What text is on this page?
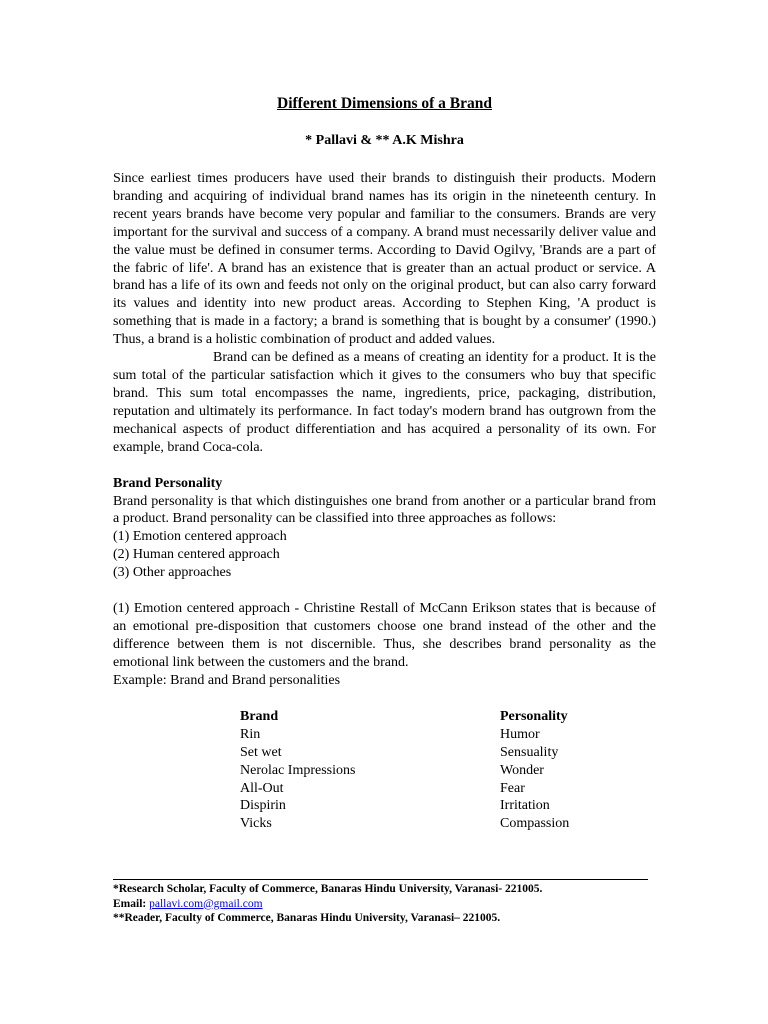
Different Dimensions of a Brand
* Pallavi & ** A.K Mishra

Since earliest times producers have used their brands to distinguish their products. Modern branding and acquiring of individual brand names has its origin in the nineteenth century. In recent years brands have become very popular and familiar to the consumers. Brands are very important for the survival and success of a company. A brand must necessarily deliver value and the value must be defined in consumer terms. According to David Ogilvy, 'Brands are a part of the fabric of life'. A brand has an existence that is greater than an actual product or service. A brand has a life of its own and feeds not only on the original product, but can also carry forward its values and identity into new product areas. According to Stephen King, 'A product is something that is made in a factory; a brand is something that is bought by a consumer' (1990.) Thus, a brand is a holistic combination of product and added values.

Brand can be defined as a means of creating an identity for a product. It is the sum total of the particular satisfaction which it gives to the consumers who buy that specific brand. This sum total encompasses the name, ingredients, price, packaging, distribution, reputation and ultimately its performance. In fact today's modern brand has outgrown from the mechanical aspects of product differentiation and has acquired a personality of its own. For example, brand Coca-cola.

Brand Personality

Brand personality is that which distinguishes one brand from another or a particular brand from a product. Brand personality can be classified into three approaches as follows:

(1) Emotion centered approach
(2) Human centered approach
(3) Other approaches

(1) Emotion centered approach - Christine Restall of McCann Erikson states that is because of an emotional pre-disposition that customers choose one brand instead of the other and the difference between them is not discernible. Thus, she describes brand personality as the emotional link between the customers and the brand.

Example: Brand and Brand personalities
Brand	Personality
Rin	Humor
Set wet	Sensuality
Nerolac Impressions	Wonder
All-Out	Fear
Dispirin	Irritation
Vicks	Compassion
*Research Scholar, Faculty of Commerce, Banaras Hindu University, Varanasi- 221005.
Email: pallavi.com@gmail.com
**Reader, Faculty of Commerce, Banaras Hindu University, Varanasi– 221005.
